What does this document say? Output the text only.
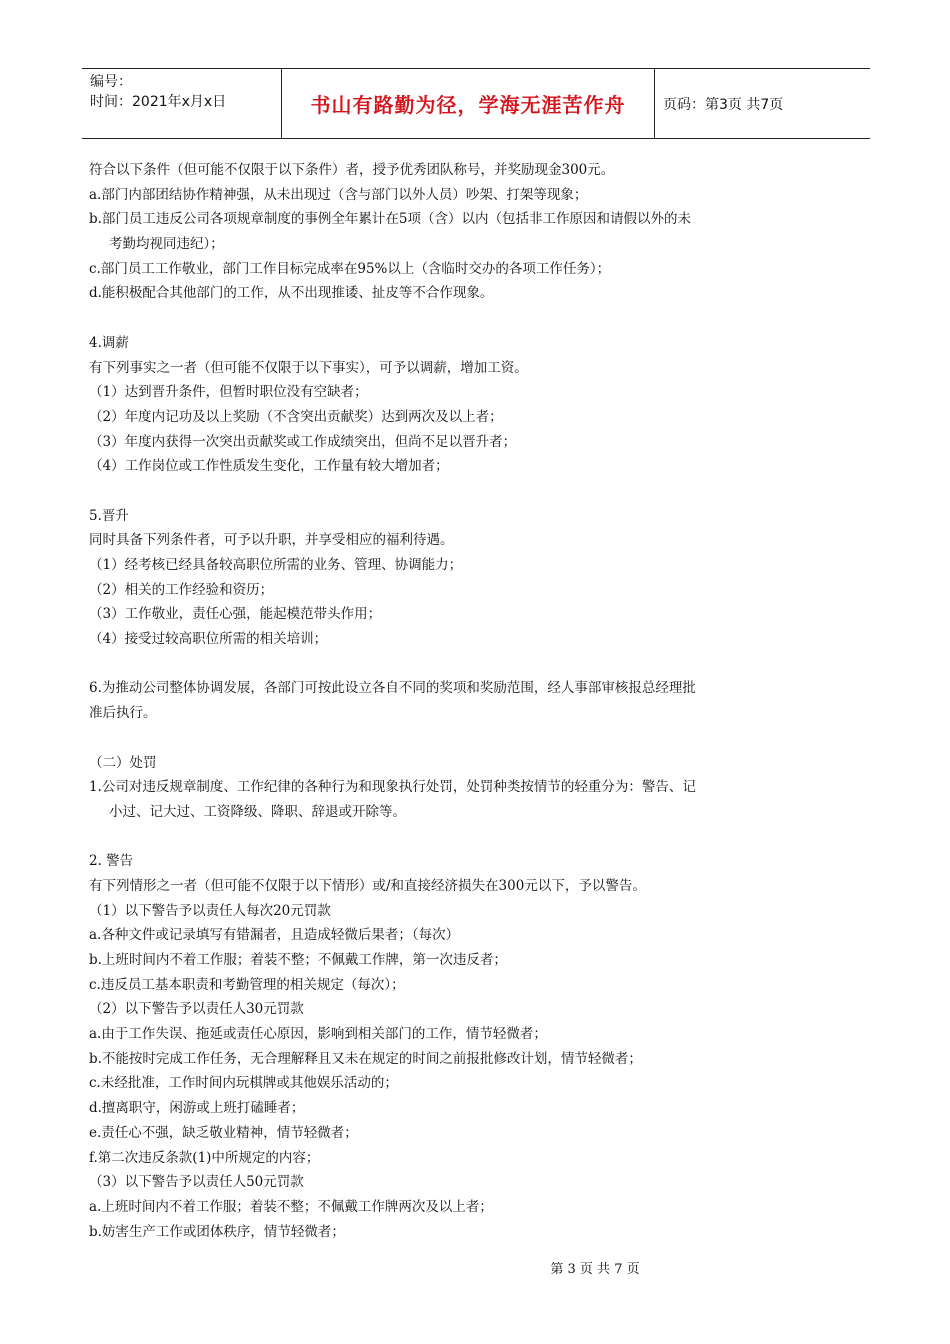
编号：
时间：2021年x月x日	书山有路勤为径，学海无涯苦作舟	页码：第3页 共7页
符合以下条件（但可能不仅限于以下条件）者，授予优秀团队称号，并奖励现金300元。
a.部门内部团结协作精神强，从未出现过（含与部门以外人员）吵架、打架等现象；
b.部门员工违反公司各项规章制度的事例全年累计在5项（含）以内（包括非工作原因和请假以外的未
考勤均视同违纪）；
c.部门员工工作敬业，部门工作目标完成率在95%以上（含临时交办的各项工作任务）；
d.能积极配合其他部门的工作，从不出现推诿、扯皮等不合作现象。
4.调薪
有下列事实之一者（但可能不仅限于以下事实），可予以调薪，增加工资。
（1）达到晋升条件，但暂时职位没有空缺者；
（2）年度内记功及以上奖励（不含突出贡献奖）达到两次及以上者；
（3）年度内获得一次突出贡献奖或工作成绩突出，但尚不足以晋升者；
（4）工作岗位或工作性质发生变化，工作量有较大增加者；
5.晋升
同时具备下列条件者，可予以升职，并享受相应的福利待遇。
（1）经考核已经具备较高职位所需的业务、管理、协调能力；
（2）相关的工作经验和资历；
（3）工作敬业，责任心强，能起模范带头作用；
（4）接受过较高职位所需的相关培训；
6.为推动公司整体协调发展，各部门可按此设立各自不同的奖项和奖励范围，经人事部审核报总经理批
准后执行。
（二）处罚
1.公司对违反规章制度、工作纪律的各种行为和现象执行处罚，处罚种类按情节的轻重分为：警告、记
小过、记大过、工资降级、降职、辞退或开除等。
2. 警告
有下列情形之一者（但可能不仅限于以下情形）或/和直接经济损失在300元以下，予以警告。
（1）以下警告予以责任人每次20元罚款
a.各种文件或记录填写有错漏者，且造成轻微后果者；（每次）
b.上班时间内不着工作服；着装不整；不佩戴工作牌，第一次违反者；
c.违反员工基本职责和考勤管理的相关规定（每次）；
（2）以下警告予以责任人30元罚款
a.由于工作失误、拖延或责任心原因，影响到相关部门的工作，情节轻微者；
b.不能按时完成工作任务，无合理解释且又未在规定的时间之前报批修改计划，情节轻微者；
c.未经批准，工作时间内玩棋牌或其他娱乐活动的；
d.擅离职守，闲游或上班打磕睡者；
e.责任心不强，缺乏敬业精神，情节轻微者；
f.第二次违反条款(1)中所规定的内容；
（3）以下警告予以责任人50元罚款
a.上班时间内不着工作服；着装不整；不佩戴工作牌两次及以上者；
b.妨害生产工作或团体秩序，情节轻微者；
第 3 页 共 7 页
